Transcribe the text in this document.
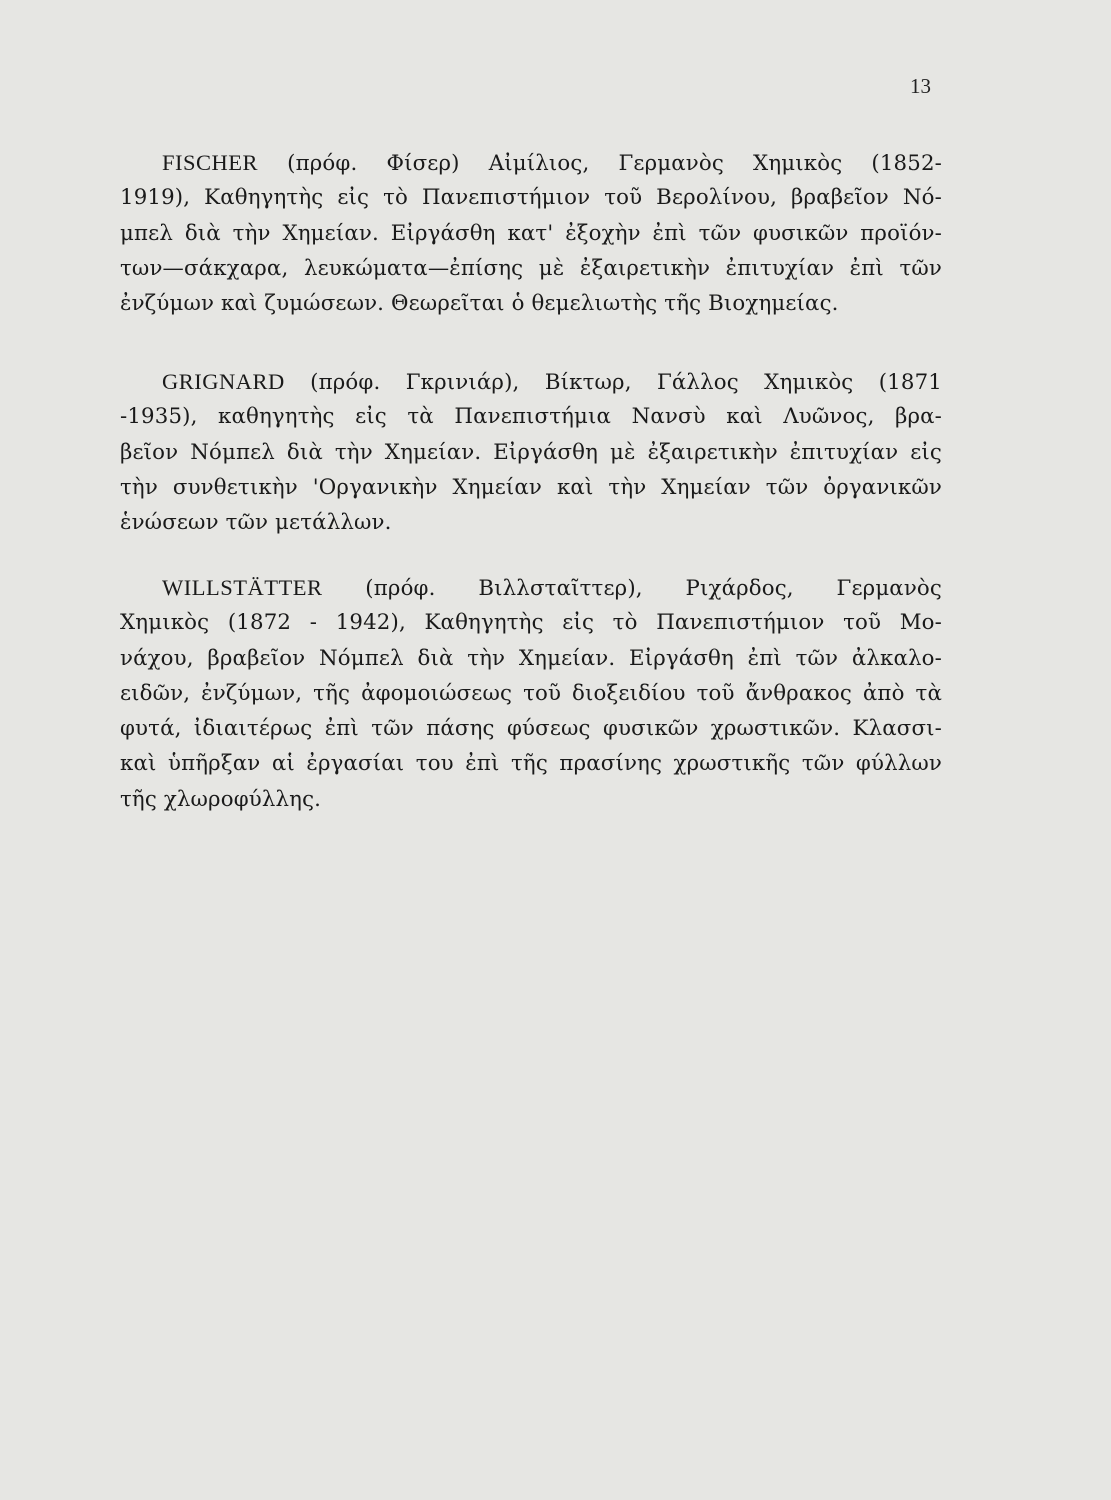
13
FISCHER (πρόφ. Φίσερ) Αἰμίλιος, Γερμανὸς Χημικὸς (1852-
1919), Καθηγητὴς εἰς τὸ Πανεπιστήμιον τοῦ Βερολίνου, βραβεῖον Νό-
μπελ διὰ τὴν Χημείαν. Εἰργάσθη κατ' ἐξοχὴν ἐπὶ τῶν φυσικῶν προϊόν-
των—σάκχαρα, λευκώματα—ἐπίσης μὲ ἐξαιρετικὴν ἐπιτυχίαν ἐπὶ τῶν
ἐνζύμων καὶ ζυμώσεων. Θεωρεῖται ὁ θεμελιωτὴς τῆς Βιοχημείας.
GRIGNARD (πρόφ. Γκρινιάρ), Βίκτωρ, Γάλλος Χημικὸς (1871
-1935), καθηγητὴς εἰς τὰ Πανεπιστήμια Νανσὺ καὶ Λυῶνος, βρα-
βεῖον Νόμπελ διὰ τὴν Χημείαν. Εἰργάσθη μὲ ἐξαιρετικὴν ἐπιτυχίαν εἰς
τὴν συνθετικὴν 'Οργανικὴν Χημείαν καὶ τὴν Χημείαν τῶν ὀργανικῶν
ἑνώσεων τῶν μετάλλων.
WILLSTÄTTER (πρόφ. Βιλλσταῖττερ), Ριχάρδος, Γερμανὸς
Χημικὸς (1872 - 1942), Καθηγητὴς εἰς τὸ Πανεπιστήμιον τοῦ Μο-
νάχου, βραβεῖον Νόμπελ διὰ τὴν Χημείαν. Εἰργάσθη ἐπὶ τῶν ἀλκαλο-
ειδῶν, ἐνζύμων, τῆς ἀφομοιώσεως τοῦ διοξειδίου τοῦ ἄνθρακος ἀπὸ τὰ
φυτά, ἰδιαιτέρως ἐπὶ τῶν πάσης φύσεως φυσικῶν χρωστικῶν. Κλασσι-
καὶ ὑπῆρξαν αἱ ἐργασίαι του ἐπὶ τῆς πρασίνης χρωστικῆς τῶν φύλλων
τῆς χλωροφύλλης.
